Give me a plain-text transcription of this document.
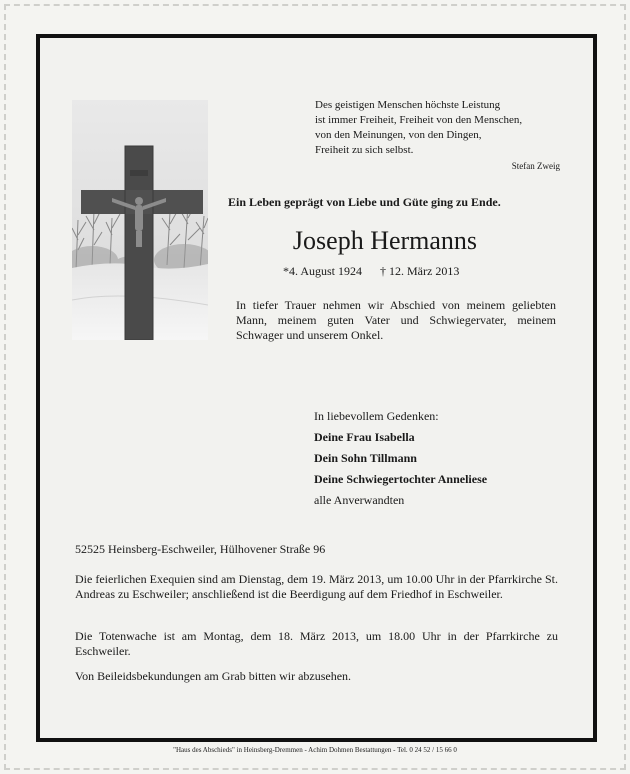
Des geistigen Menschen höchste Leistung
ist immer Freiheit, Freiheit von den Menschen,
von den Meinungen, von den Dingen,
Freiheit zu sich selbst.
Stefan Zweig
Ein Leben geprägt von Liebe und Güte ging zu Ende.
Joseph Hermanns
*4. August 1924 † 12. März 2013
In tiefer Trauer nehmen wir Abschied von meinem geliebten Mann, meinem guten Vater und Schwiegervater, meinem Schwager und unserem Onkel.
In liebevollem Gedenken:
Deine Frau Isabella
Dein Sohn Tillmann
Deine Schwiegertochter Anneliese
alle Anverwandten
52525 Heinsberg-Eschweiler, Hülhovener Straße 96
Die feierlichen Exequien sind am Dienstag, dem 19. März 2013, um 10.00 Uhr in der Pfarrkirche St. Andreas zu Eschweiler; anschließend ist die Beerdigung auf dem Friedhof in Eschweiler.
Die Totenwache ist am Montag, dem 18. März 2013, um 18.00 Uhr in der Pfarrkirche zu Eschweiler.
Von Beileidsbekundungen am Grab bitten wir abzusehen.
"Haus des Abschieds" in Heinsberg-Dremmen - Achim Dohmen Bestattungen - Tel. 0 24 52 / 15 66 0
